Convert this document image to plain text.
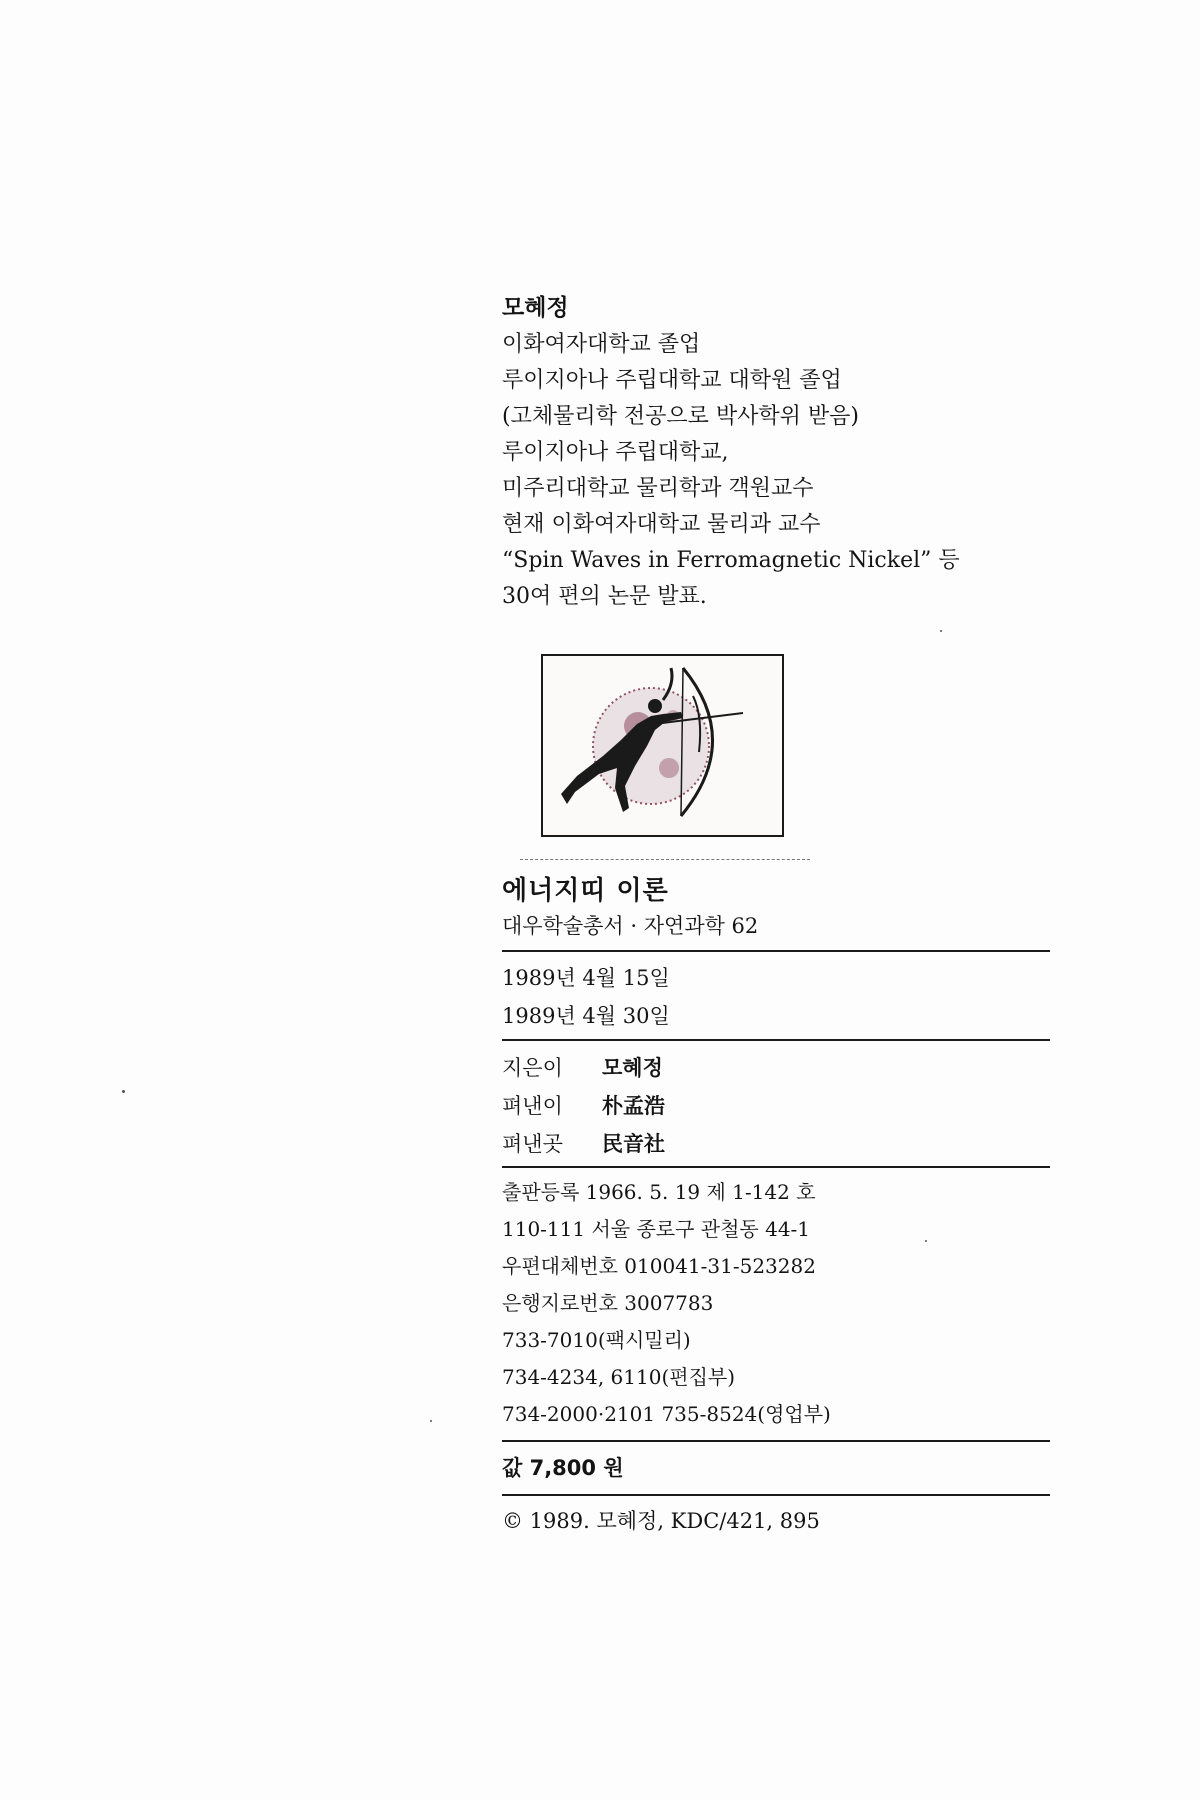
모혜정
이화여자대학교 졸업
루이지아나 주립대학교 대학원 졸업
(고체물리학 전공으로 박사학위 받음)
루이지아나 주립대학교,
미주리대학교 물리학과 객원교수
현재 이화여자대학교 물리과 교수
“Spin Waves in Ferromagnetic Nickel” 등
30여 편의 논문 발표.
에너지띠 이론

대우학술총서 · 자연과학 62

1989년 4월 15일
1989년 4월 30일
지은이 모혜정
펴낸이 朴孟浩
펴낸곳 民音社
출판등록 1966. 5. 19 제 1-142 호
110-111 서울 종로구 관철동 44-1
우편대체번호 010041-31-523282
은행지로번호 3007783
733-7010(팩시밀리)
734-4234, 6110(편집부)
734-2000·2101 735-8524(영업부)

값 7,800 원

© 1989. 모혜정, KDC/421, 895
